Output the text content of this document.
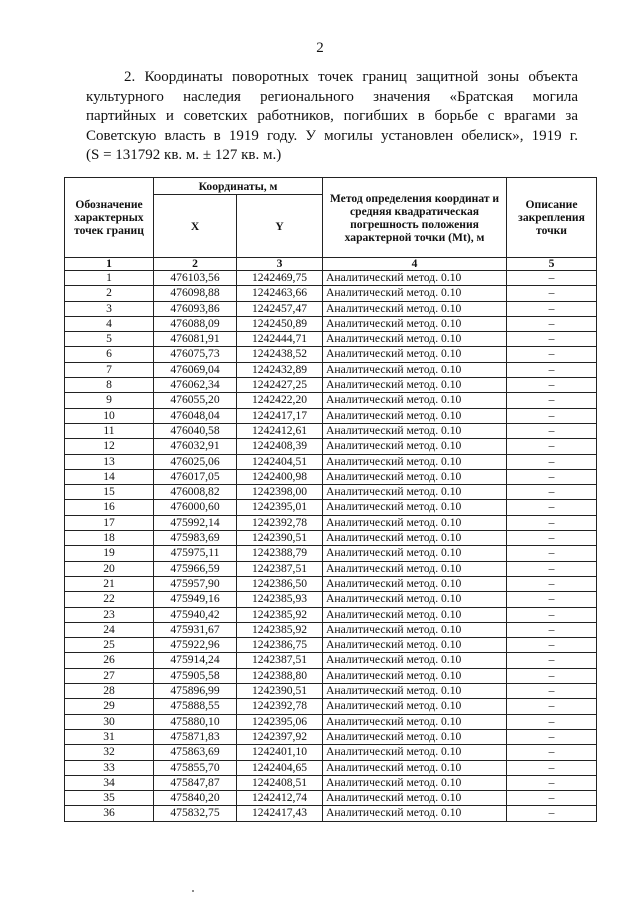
2
2. Координаты поворотных точек границ защитной зоны объекта
культурного наследия регионального значения «Братская могила
партийных и советских работников, погибших в борьбе с врагами за
Советскую власть в 1919 году. У могилы установлен обелиск», 1919 г.
(S = 131792 кв. м. ± 127 кв. м.)
Обозначение характерных точек границ	Координаты, м		Метод определения координат и средняя квадратическая погрешность положения характерной точки (Mt), м	Описание закрепления точки
	X	Y		
1	2	3	4	5
1	476103,56	1242469,75	Аналитический метод. 0.10	–
2	476098,88	1242463,66	Аналитический метод. 0.10	–
3	476093,86	1242457,47	Аналитический метод. 0.10	–
4	476088,09	1242450,89	Аналитический метод. 0.10	–
5	476081,91	1242444,71	Аналитический метод. 0.10	–
6	476075,73	1242438,52	Аналитический метод. 0.10	–
7	476069,04	1242432,89	Аналитический метод. 0.10	–
8	476062,34	1242427,25	Аналитический метод. 0.10	–
9	476055,20	1242422,20	Аналитический метод. 0.10	–
10	476048,04	1242417,17	Аналитический метод. 0.10	–
11	476040,58	1242412,61	Аналитический метод. 0.10	–
12	476032,91	1242408,39	Аналитический метод. 0.10	–
13	476025,06	1242404,51	Аналитический метод. 0.10	–
14	476017,05	1242400,98	Аналитический метод. 0.10	–
15	476008,82	1242398,00	Аналитический метод. 0.10	–
16	476000,60	1242395,01	Аналитический метод. 0.10	–
17	475992,14	1242392,78	Аналитический метод. 0.10	–
18	475983,69	1242390,51	Аналитический метод. 0.10	–
19	475975,11	1242388,79	Аналитический метод. 0.10	–
20	475966,59	1242387,51	Аналитический метод. 0.10	–
21	475957,90	1242386,50	Аналитический метод. 0.10	–
22	475949,16	1242385,93	Аналитический метод. 0.10	–
23	475940,42	1242385,92	Аналитический метод. 0.10	–
24	475931,67	1242385,92	Аналитический метод. 0.10	–
25	475922,96	1242386,75	Аналитический метод. 0.10	–
26	475914,24	1242387,51	Аналитический метод. 0.10	–
27	475905,58	1242388,80	Аналитический метод. 0.10	–
28	475896,99	1242390,51	Аналитический метод. 0.10	–
29	475888,55	1242392,78	Аналитический метод. 0.10	–
30	475880,10	1242395,06	Аналитический метод. 0.10	–
31	475871,83	1242397,92	Аналитический метод. 0.10	–
32	475863,69	1242401,10	Аналитический метод. 0.10	–
33	475855,70	1242404,65	Аналитический метод. 0.10	–
34	475847,87	1242408,51	Аналитический метод. 0.10	–
35	475840,20	1242412,74	Аналитический метод. 0.10	–
36	475832,75	1242417,43	Аналитический метод. 0.10	–
